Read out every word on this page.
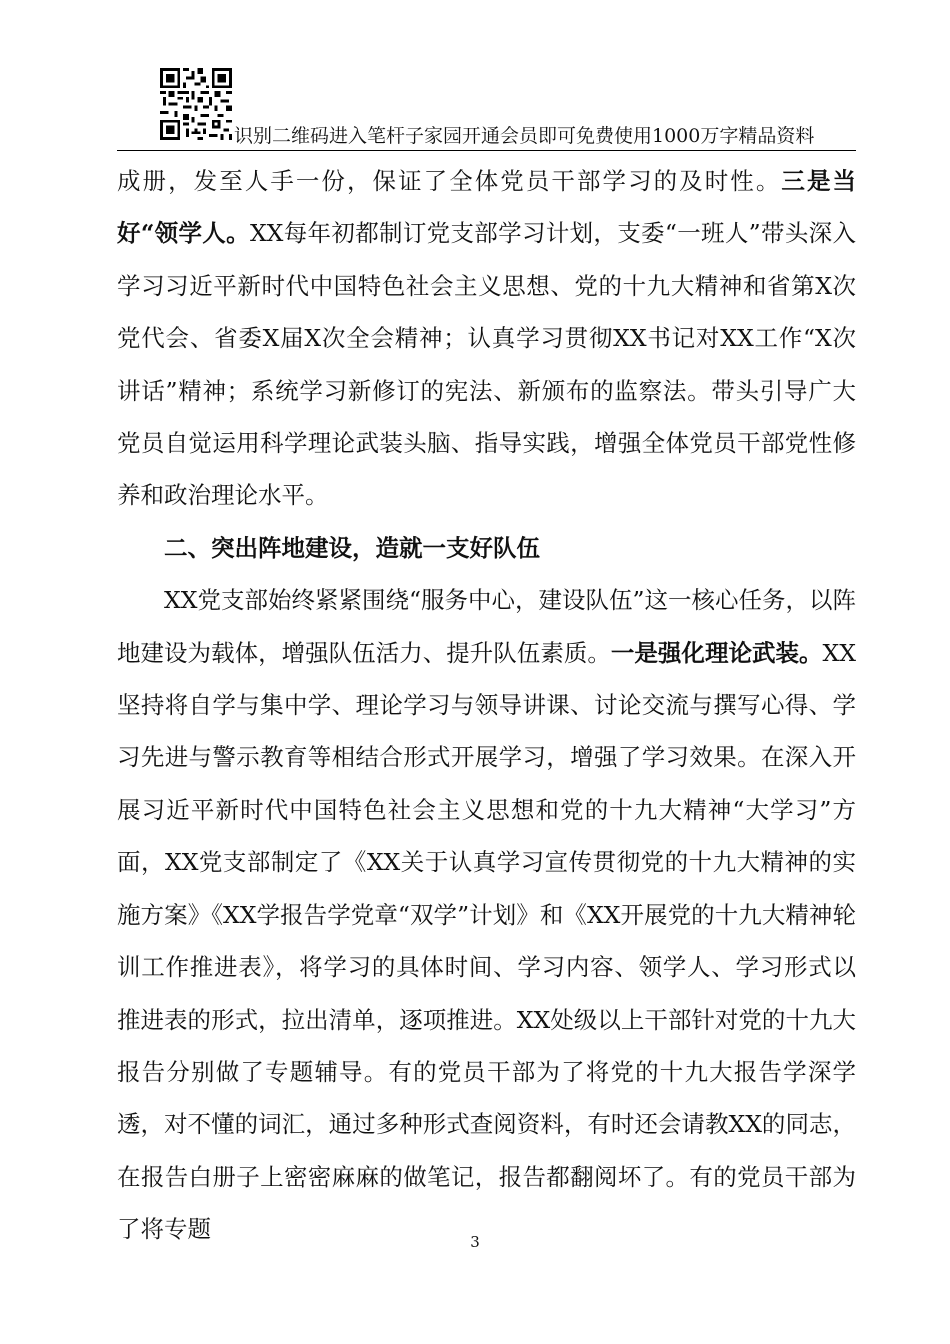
识别二维码进入笔杆子家园开通会员即可免费使用1000万字精品资料

成册，发至人手一份，保证了全体党员干部学习的及时性。三是当好“领学人。XX每年初都制订党支部学习计划，支委“一班人”带头深入学习习近平新时代中国特色社会主义思想、党的十九大精神和省第X次党代会、省委X届X次全会精神；认真学习贯彻XX书记对XX工作“X次讲话”精神；系统学习新修订的宪法、新颁布的监察法。带头引导广大党员自觉运用科学理论武装头脑、指导实践，增强全体党员干部党性修养和政治理论水平。

二、突出阵地建设，造就一支好队伍

XX党支部始终紧紧围绕“服务中心，建设队伍”这一核心任务，以阵地建设为载体，增强队伍活力、提升队伍素质。一是强化理论武装。XX坚持将自学与集中学、理论学习与领导讲课、讨论交流与撰写心得、学习先进与警示教育等相结合形式开展学习，增强了学习效果。在深入开展习近平新时代中国特色社会主义思想和党的十九大精神“大学习”方面，XX党支部制定了《XX关于认真学习宣传贯彻党的十九大精神的实施方案》《XX学报告学党章“双学”计划》和《XX开展党的十九大精神轮训工作推进表》，将学习的具体时间、学习内容、领学人、学习形式以推进表的形式，拉出清单，逐项推进。XX处级以上干部针对党的十九大报告分别做了专题辅导。有的党员干部为了将党的十九大报告学深学透，对不懂的词汇，通过多种形式查阅资料，有时还会请教XX的同志，在报告白册子上密密麻麻的做笔记，报告都翻阅坏了。有的党员干部为了将专题	3
